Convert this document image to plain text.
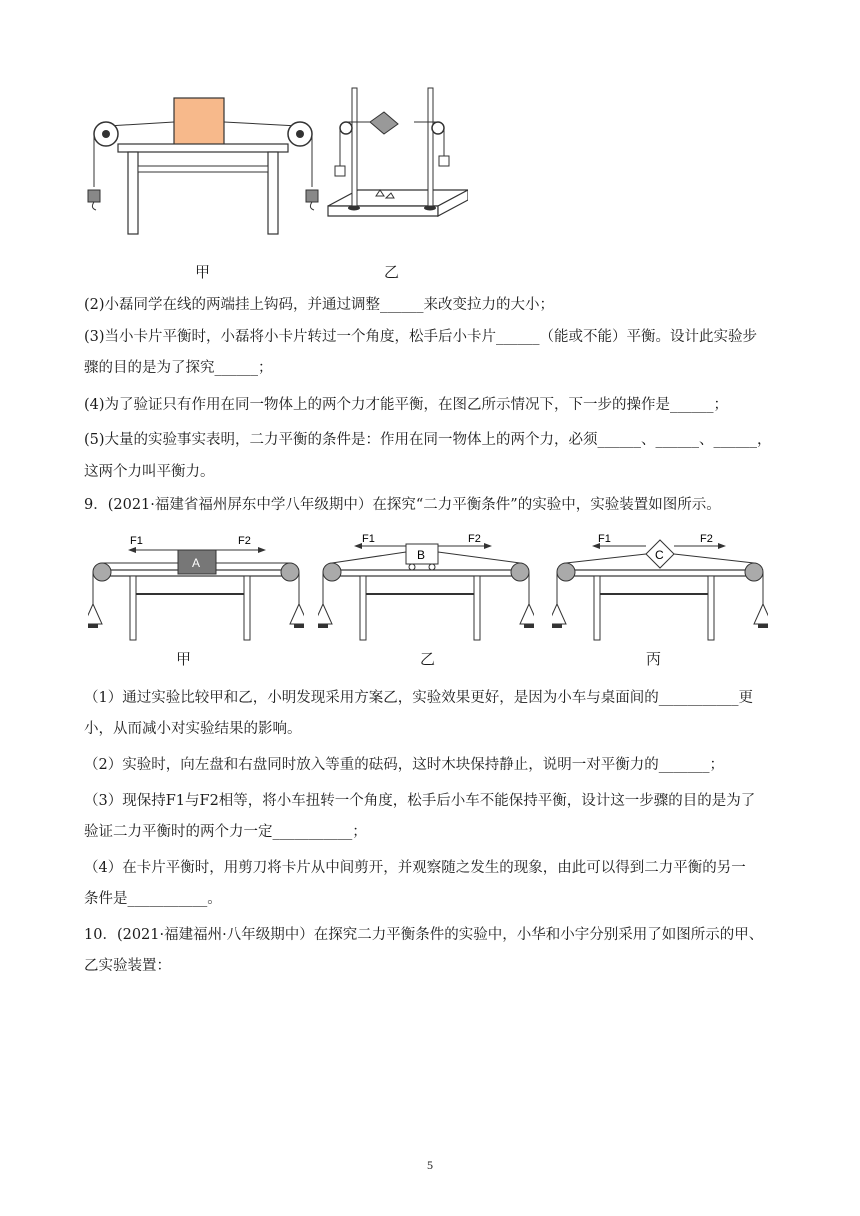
甲	乙
(2)小磊同学在线的两端挂上钩码，并通过调整______来改变拉力的大小；
(3)当小卡片平衡时，小磊将小卡片转过一个角度，松手后小卡片______（能或不能）平衡。设计此实验步
骤的目的是为了探究______；
(4)为了验证只有作用在同一物体上的两个力才能平衡，在图乙所示情况下，下一步的操作是______；
(5)大量的实验事实表明，二力平衡的条件是：作用在同一物体上的两个力，必须______、______、______，
这两个力叫平衡力。
9．(2021·福建省福州屏东中学八年级期中）在探究“二力平衡条件”的实验中，实验装置如图所示。
A
F1	F2
B
F1	F2
C
F1	F2
甲	乙	丙
（1）通过实验比较甲和乙，小明发现采用方案乙，实验效果更好，是因为小车与桌面间的___________更
小，从而减小对实验结果的影响。
（2）实验时，向左盘和右盘同时放入等重的砝码，这时木块保持静止，说明一对平衡力的_______；
（3）现保持F1与F2相等，将小车扭转一个角度，松手后小车不能保持平衡，设计这一步骤的目的是为了
验证二力平衡时的两个力一定___________；
（4）在卡片平衡时，用剪刀将卡片从中间剪开，并观察随之发生的现象，由此可以得到二力平衡的另一
条件是___________。
10．(2021·福建福州·八年级期中）在探究二力平衡条件的实验中，小华和小宇分别采用了如图所示的甲、
乙实验装置：
5
